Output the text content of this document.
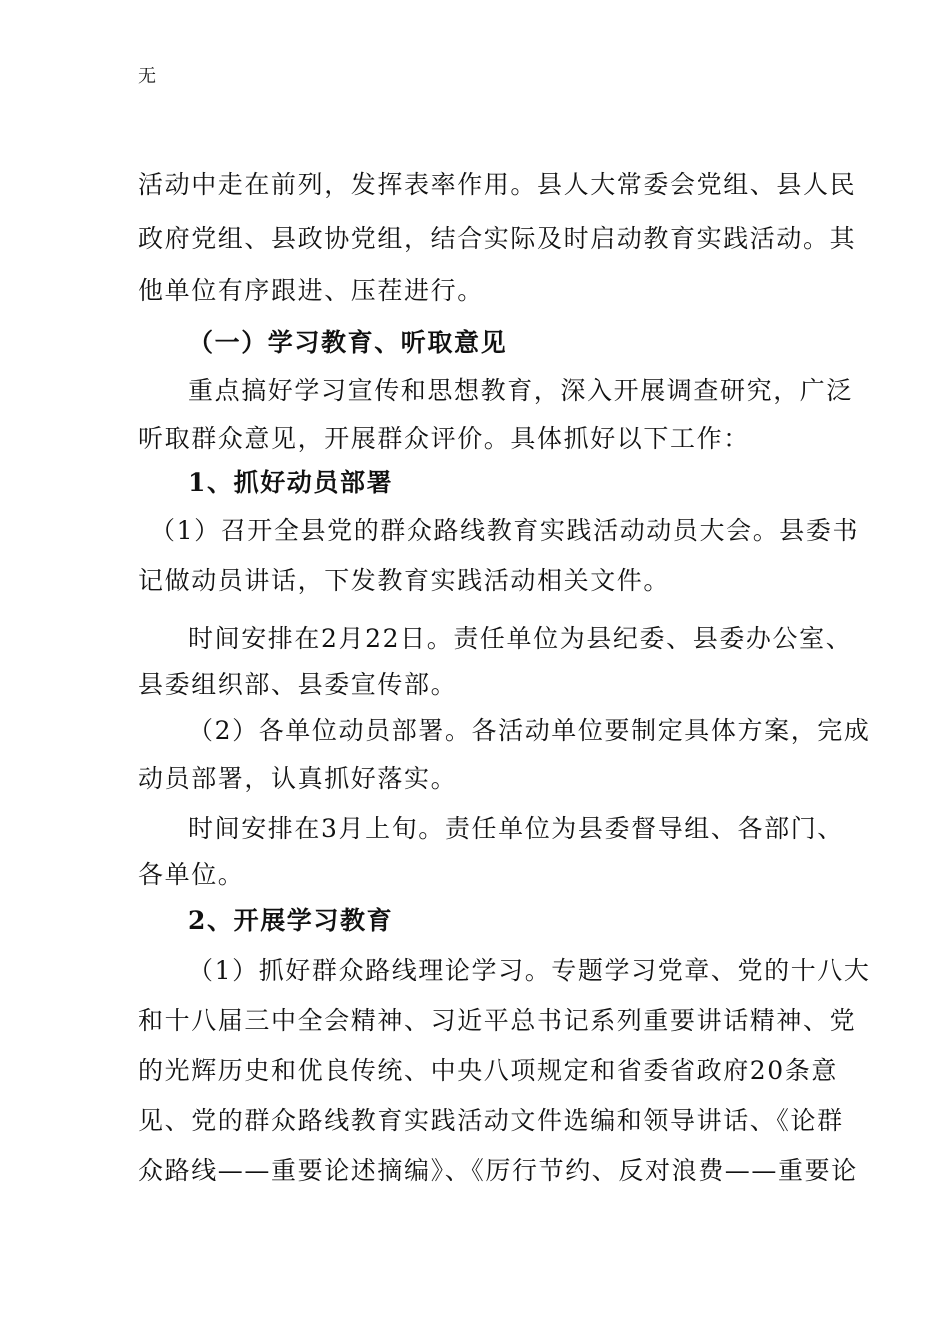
无
活动中走在前列，发挥表率作用。县人大常委会党组、县人民
政府党组、县政协党组，结合实际及时启动教育实践活动。其
他单位有序跟进、压茬进行。
（一）学习教育、听取意见
重点搞好学习宣传和思想教育，深入开展调查研究，广泛
听取群众意见，开展群众评价。具体抓好以下工作：
1、抓好动员部署
（1）召开全县党的群众路线教育实践活动动员大会。县委书
记做动员讲话，下发教育实践活动相关文件。
时间安排在2月22日。责任单位为县纪委、县委办公室、
县委组织部、县委宣传部。
（2）各单位动员部署。各活动单位要制定具体方案，完成
动员部署，认真抓好落实。
时间安排在3月上旬。责任单位为县委督导组、各部门、
各单位。
2、开展学习教育
（1）抓好群众路线理论学习。专题学习党章、党的十八大
和十八届三中全会精神、习近平总书记系列重要讲话精神、党
的光辉历史和优良传统、中央八项规定和省委省政府20条意
见、党的群众路线教育实践活动文件选编和领导讲话、《论群
众路线——重要论述摘编》、《厉行节约、反对浪费——重要论
